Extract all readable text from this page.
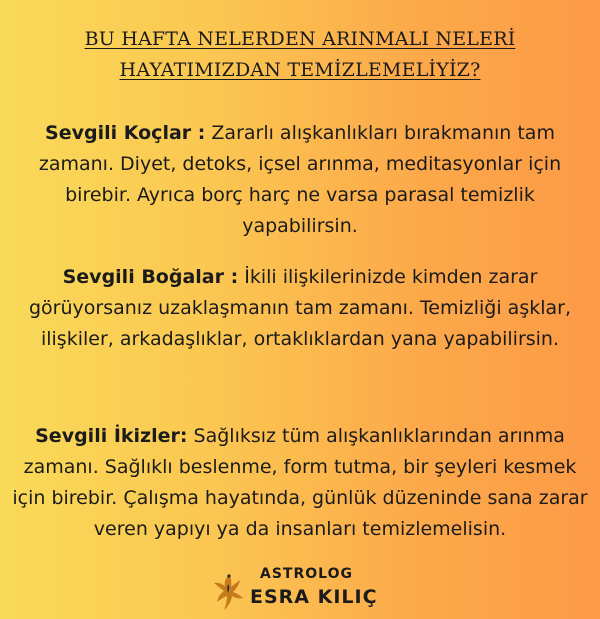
BU HAFTA NELERDEN ARINMALI NELERİ
HAYATIMIZDAN TEMİZLEMELİYİZ?
Sevgili Koçlar : Zararlı alışkanlıkları bırakmanın tam zamanı. Diyet, detoks, içsel arınma, meditasyonlar için birebir. Ayrıca borç harç ne varsa parasal temizlik yapabilirsin.
Sevgili Boğalar : İkili ilişkilerinizde kimden zarar görüyorsanız uzaklaşmanın tam zamanı. Temizliği aşklar, ilişkiler, arkadaşlıklar, ortaklıklardan yana yapabilirsin.
Sevgili İkizler: Sağlıksız tüm alışkanlıklarından arınma zamanı. Sağlıklı beslenme, form tutma, bir şeyleri kesmek için birebir. Çalışma hayatında, günlük düzeninde sana zarar veren yapıyı ya da insanları temizlemelisin.
ASTROLOG
ESRA KILIÇ
